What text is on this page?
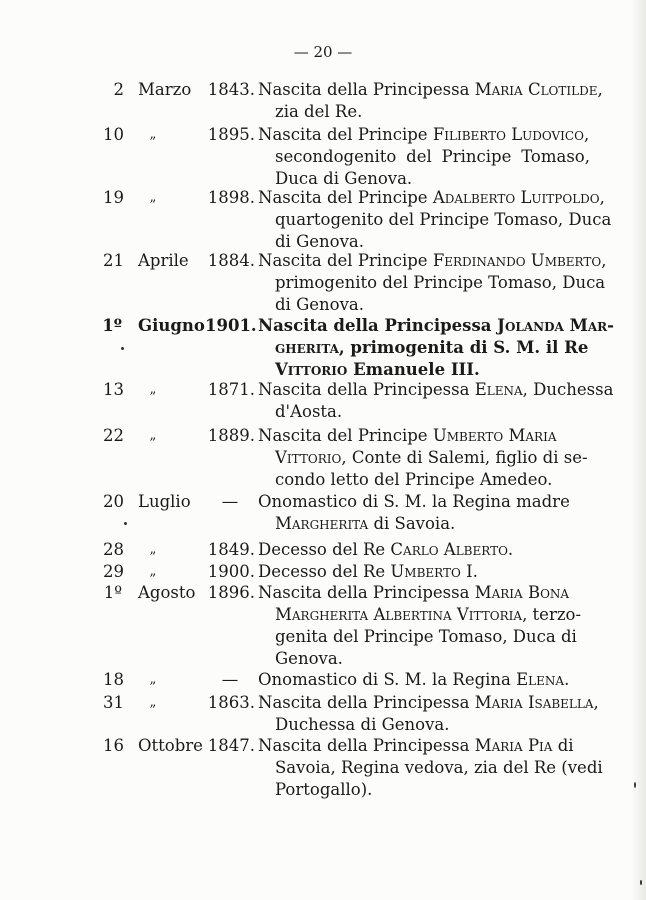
— 20 —
2 Marzo	1843. Nascita della Principessa Maria Clotilde,
zia del Re.
10	„	1895. Nascita del Principe Filiberto Ludovico,
secondogenito del Principe Tomaso,
Duca di Genova.
19	„	1898. Nascita del Principe Adalberto Luitpoldo,
quartogenito del Principe Tomaso, Duca
di Genova.
21 Aprile	1884. Nascita del Principe Ferdinando Umberto,
primogenito del Principe Tomaso, Duca
di Genova.
1º Giugno 1901. Nascita della Principessa Jolanda Mar-
gherita, primogenita di S. M. il Re
Vittorio Emanuele III.
13	„	1871. Nascita della Principessa Elena, Duchessa
d'Aosta.
22	„	1889. Nascita del Principe Umberto Maria
Vittorio, Conte di Salemi, figlio di se-
condo letto del Principe Amedeo.
20 Luglio	—	Onomastico di S. M. la Regina madre
Margherita di Savoia.
28	„	1849. Decesso del Re Carlo Alberto.
29	„	1900. Decesso del Re Umberto I.
1º Agosto 1896. Nascita della Principessa Maria Bona
Margherita Albertina Vittoria, terzo-
genita del Principe Tomaso, Duca di
Genova.
18	„	—	Onomastico di S. M. la Regina Elena.
31	„	1863. Nascita della Principessa Maria Isabella,
Duchessa di Genova.
16 Ottobre 1847. Nascita della Principessa Maria Pia di
Savoia, Regina vedova, zia del Re (vedi
Portogallo).
